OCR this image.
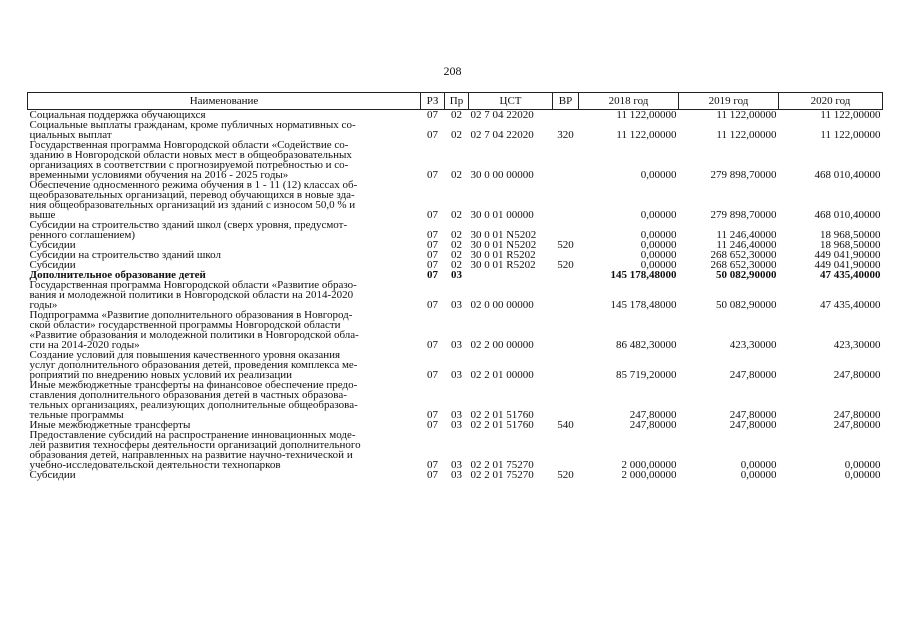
208
Наименование	РЗ	Пр	ЦСТ	ВР	2018 год	2019 год	2020 год

Социальная поддержка обучающихся	07	02	02 7 04 22020		11 122,00000	11 122,00000	11 122,00000

Социальные выплаты гражданам, кроме публичных нормативных со-
циальных выплат	07	02	02 7 04 22020	320	11 122,00000	11 122,00000	11 122,00000

Государственная программа Новгородской области «Содействие со-
зданию в Новгородской области новых мест в общеобразовательных
организациях в соответствии с прогнозируемой потребностью и со-
временными условиями обучения на 2016 - 2025 годы»	07	02	30 0 00 00000		0,00000	279 898,70000	468 010,40000

Обеспечение односменного режима обучения в 1 - 11 (12) классах об-
щеобразовательных организаций, перевод обучающихся в новые зда-
ния общеобразовательных организаций из зданий с износом 50,0 % и
выше	07	02	30 0 01 00000		0,00000	279 898,70000	468 010,40000

Субсидии на строительство зданий школ (сверх уровня, предусмот-
ренного соглашением)	07	02	30 0 01 N5202		0,00000	11 246,40000	18 968,50000

Субсидии	07	02	30 0 01 N5202	520	0,00000	11 246,40000	18 968,50000

Субсидии на строительство зданий школ	07	02	30 0 01 R5202		0,00000	268 652,30000	449 041,90000

Субсидии	07	02	30 0 01 R5202	520	0,00000	268 652,30000	449 041,90000

Дополнительное образование детей	07	03			145 178,48000	50 082,90000	47 435,40000

Государственная программа Новгородской области «Развитие образо-
вания и молодежной политики в Новгородской области на 2014-2020
годы»	07	03	02 0 00 00000		145 178,48000	50 082,90000	47 435,40000

Подпрограмма «Развитие дополнительного образования в Новгород-
ской области» государственной программы Новгородской области
«Развитие образования и молодежной политики в Новгородской обла-
сти на 2014-2020 годы»	07	03	02 2 00 00000		86 482,30000	423,30000	423,30000

Создание условий для повышения качественного уровня оказания
услуг дополнительного образования детей, проведения комплекса ме-
роприятий по внедрению новых условий их реализации	07	03	02 2 01 00000		85 719,20000	247,80000	247,80000

Иные межбюджетные трансферты на финансовое обеспечение предо-
ставления дополнительного образования детей в частных образова-
тельных организациях, реализующих дополнительные общеобразова-
тельные программы	07	03	02 2 01 51760		247,80000	247,80000	247,80000

Иные межбюджетные трансферты	07	03	02 2 01 51760	540	247,80000	247,80000	247,80000

Предоставление субсидий на распространение инновационных моде-
лей развития техносферы деятельности организаций дополнительного
образования детей, направленных на развитие научно-технической и
учебно-исследовательской деятельности технопарков	07	03	02 2 01 75270		2 000,00000	0,00000	0,00000

Субсидии	07	03	02 2 01 75270	520	2 000,00000	0,00000	0,00000
